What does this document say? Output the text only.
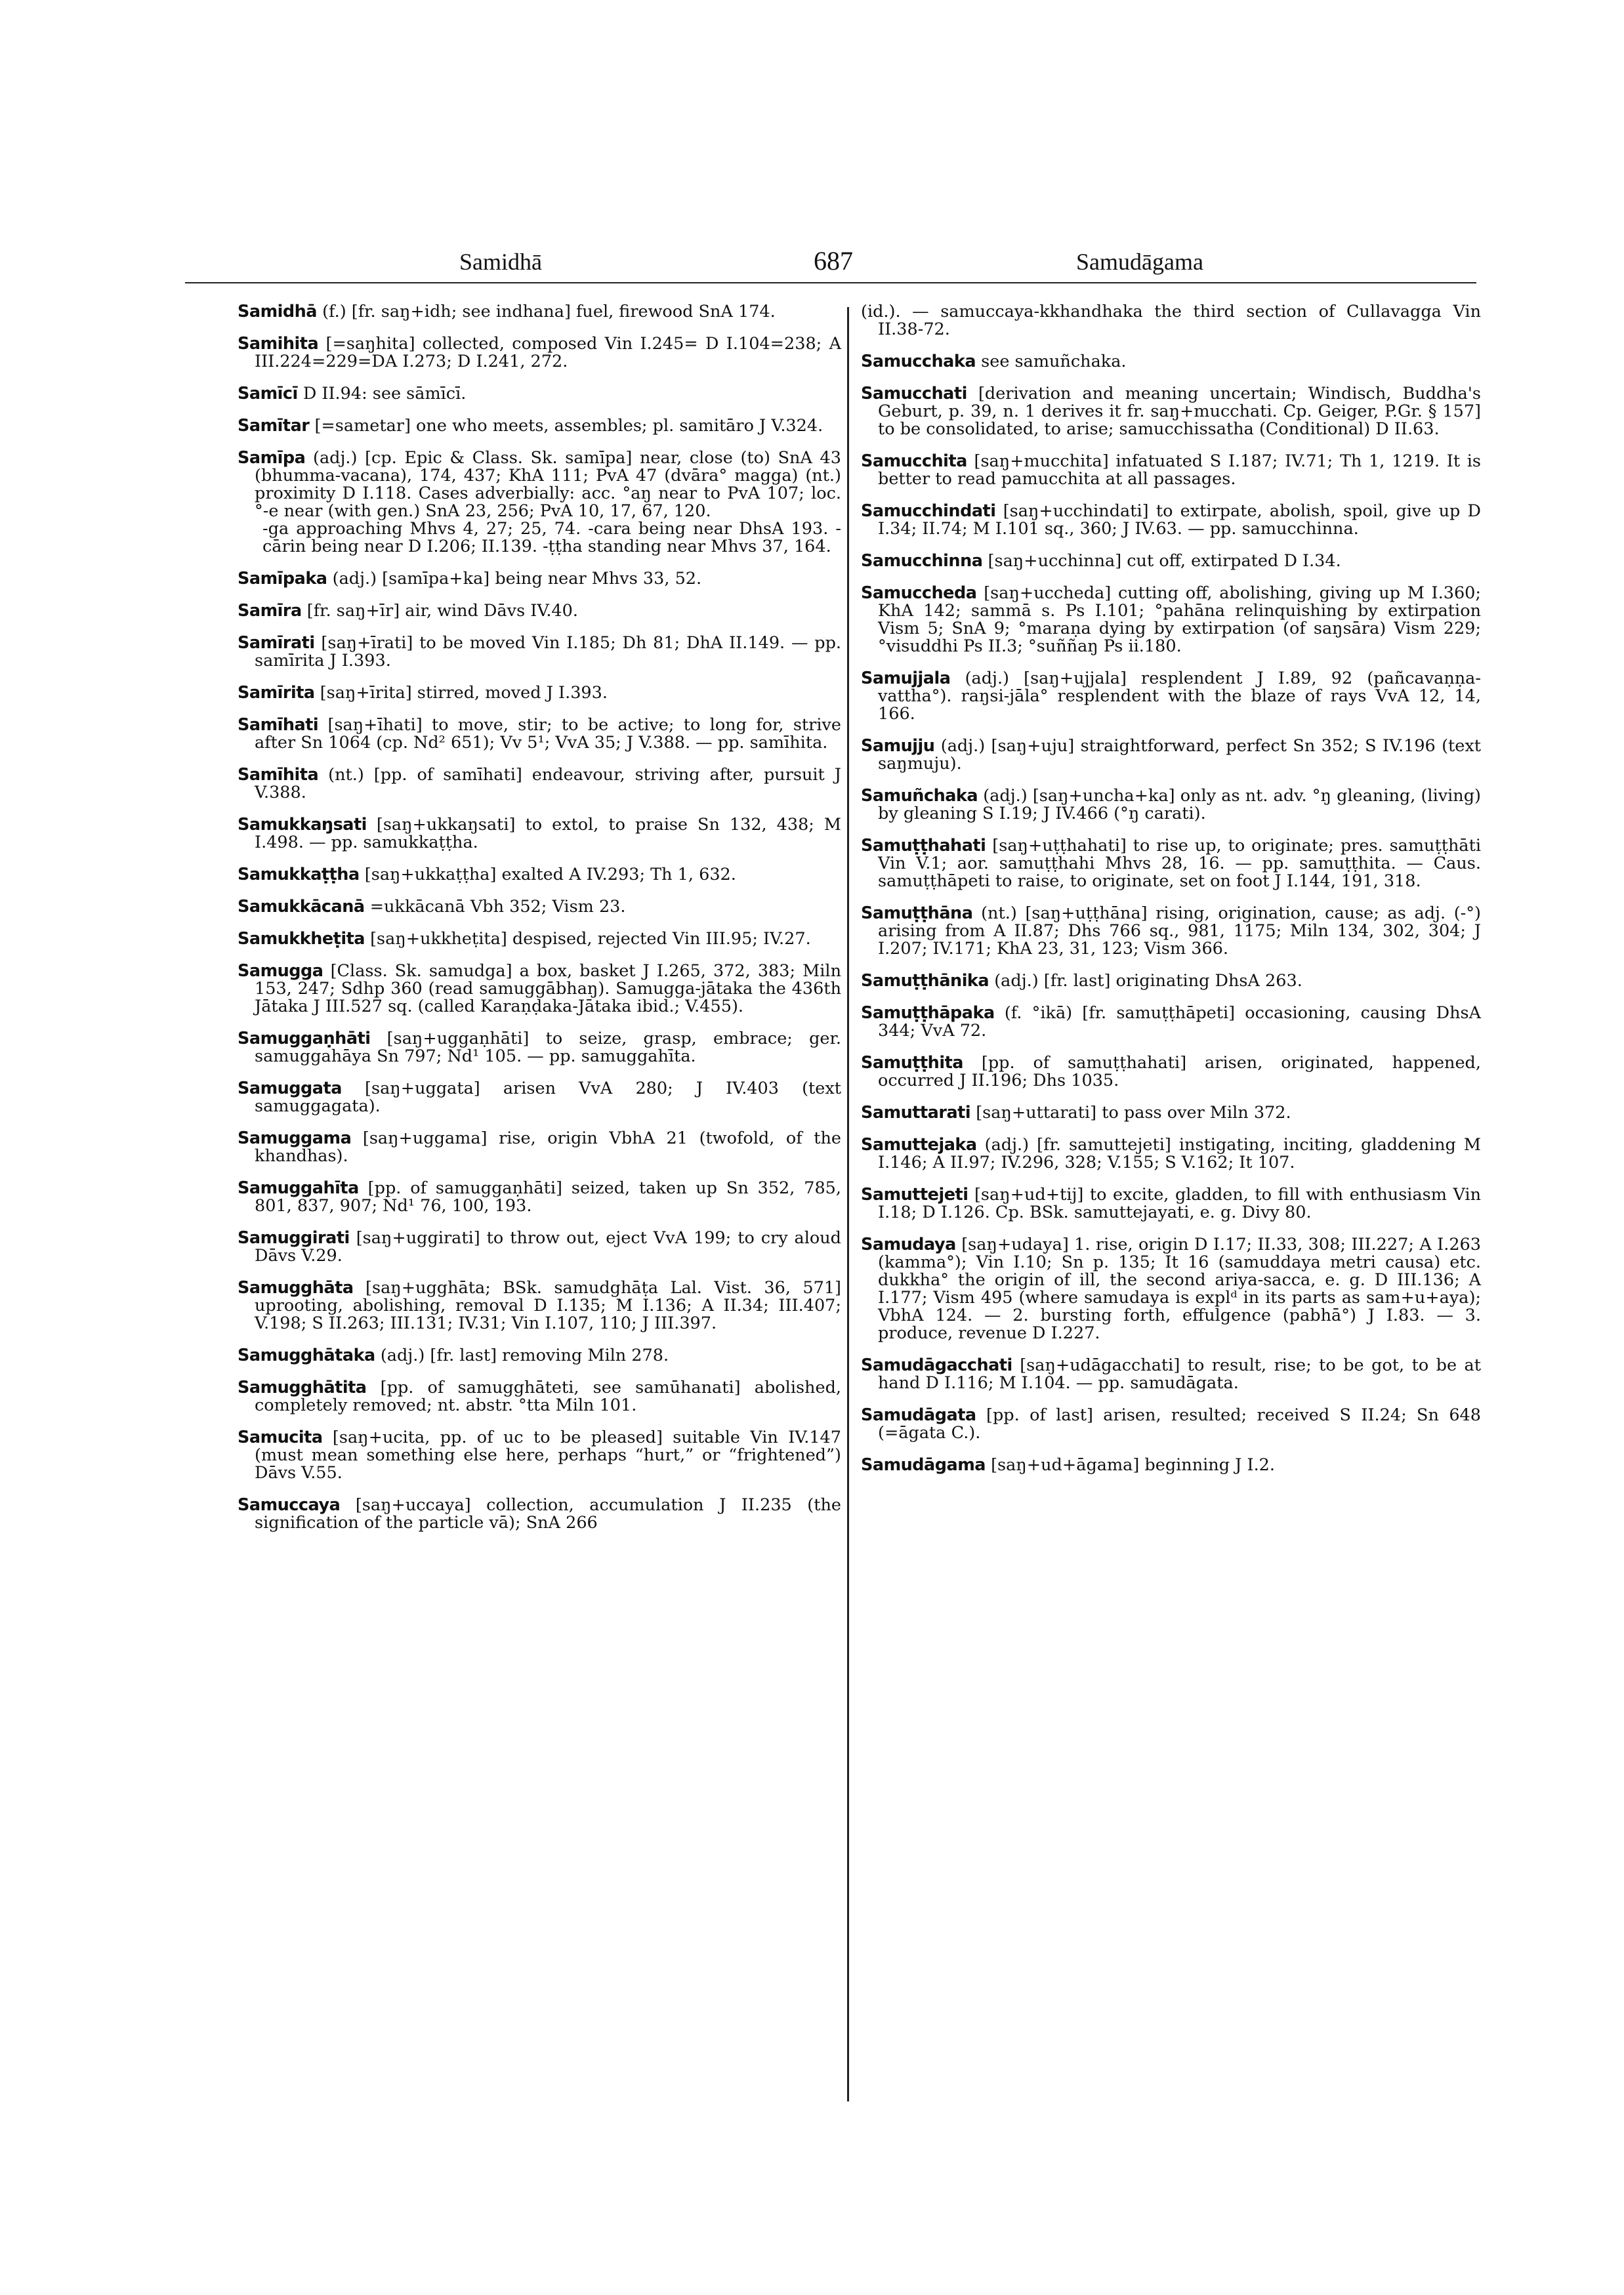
Samidhā	687	Samudāgama
Samidhā (f.) [fr. saŋ+idh; see indhana] fuel, firewood SnA 174.
Samihita [=saŋhita] collected, composed Vin I.245= D I.104=238; A III.224=229=DA I.273; D I.241, 272.
Samīcī D II.94: see sāmīcī.
Samītar [=sametar] one who meets, assembles; pl. samitāro J V.324.
Samīpa (adj.) [cp. Epic & Class. Sk. samīpa] near, close (to) SnA 43 (bhumma-vacana), 174, 437; KhA 111; PvA 47 (dvāra° magga) (nt.) proximity D I.118. Cases adverbially: acc. °aŋ near to PvA 107; loc. °-e near (with gen.) SnA 23, 256; PvA 10, 17, 67, 120.
-ga approaching Mhvs 4, 27; 25, 74. -cara being near DhsA 193. -cārin being near D I.206; II.139. -ṭṭha standing near Mhvs 37, 164.
Samīpaka (adj.) [samīpa+ka] being near Mhvs 33, 52.
Samīra [fr. saŋ+īr] air, wind Dāvs IV.40.
Samīrati [saŋ+īrati] to be moved Vin I.185; Dh 81; DhA II.149. — pp. samīrita J I.393.
Samīrita [saŋ+īrita] stirred, moved J I.393.
Samīhati [saŋ+īhati] to move, stir; to be active; to long for, strive after Sn 1064 (cp. Nd² 651); Vv 5¹; VvA 35; J V.388. — pp. samīhita.
Samīhita (nt.) [pp. of samīhati] endeavour, striving after, pursuit J V.388.
Samukkaŋsati [saŋ+ukkaŋsati] to extol, to praise Sn 132, 438; M I.498. — pp. samukkaṭṭha.
Samukkaṭṭha [saŋ+ukkaṭṭha] exalted A IV.293; Th 1, 632.
Samukkācanā =ukkācanā Vbh 352; Vism 23.
Samukkheṭita [saŋ+ukkheṭita] despised, rejected Vin III.95; IV.27.
Samugga [Class. Sk. samudga] a box, basket J I.265, 372, 383; Miln 153, 247; Sdhp 360 (read samuggābhaŋ). Samugga-jātaka the 436th Jātaka J III.527 sq. (called Karaṇḍaka-Jātaka ibid.; V.455).
Samuggaṇhāti [saŋ+uggaṇhāti] to seize, grasp, embrace; ger. samuggahāya Sn 797; Nd¹ 105. — pp. samuggahīta.
Samuggata [saŋ+uggata] arisen VvA 280; J IV.403 (text samuggagata).
Samuggama [saŋ+uggama] rise, origin VbhA 21 (twofold, of the khandhas).
Samuggahīta [pp. of samuggaṇhāti] seized, taken up Sn 352, 785, 801, 837, 907; Nd¹ 76, 100, 193.
Samuggirati [saŋ+uggirati] to throw out, eject VvA 199; to cry aloud Dāvs V.29.
Samugghāta [saŋ+ugghāta; BSk. samudghāṭa Lal. Vist. 36, 571] uprooting, abolishing, removal D I.135; M I.136; A II.34; III.407; V.198; S II.263; III.131; IV.31; Vin I.107, 110; J III.397.
Samugghātaka (adj.) [fr. last] removing Miln 278.
Samugghātita [pp. of samugghāteti, see samūhanati] abolished, completely removed; nt. abstr. °tta Miln 101.
Samucita [saŋ+ucita, pp. of uc to be pleased] suitable Vin IV.147 (must mean something else here, perhaps “hurt,” or “frightened”) Dāvs V.55.
Samuccaya [saŋ+uccaya] collection, accumulation J II.235 (the signification of the particle vā); SnA 266
(id.). — samuccaya-kkhandhaka the third section of Cullavagga Vin II.38-72.
Samucchaka see samuñchaka.
Samucchati [derivation and meaning uncertain; Windisch, Buddha's Geburt, p. 39, n. 1 derives it fr. saŋ+mucchati. Cp. Geiger, P.Gr. § 157] to be consolidated, to arise; samucchissatha (Conditional) D II.63.
Samucchita [saŋ+mucchita] infatuated S I.187; IV.71; Th 1, 1219. It is better to read pamucchita at all passages.
Samucchindati [saŋ+ucchindati] to extirpate, abolish, spoil, give up D I.34; II.74; M I.101 sq., 360; J IV.63. — pp. samucchinna.
Samucchinna [saŋ+ucchinna] cut off, extirpated D I.34.
Samuccheda [saŋ+uccheda] cutting off, abolishing, giving up M I.360; KhA 142; sammā s. Ps I.101; °pahāna relinquishing by extirpation Vism 5; SnA 9; °maraṇa dying by extirpation (of saŋsāra) Vism 229; °visuddhi Ps II.3; °suññaŋ Ps ii.180.
Samujjala (adj.) [saŋ+ujjala] resplendent J I.89, 92 (pañcavaṇṇa-vattha°). raŋsi-jāla° resplendent with the blaze of rays VvA 12, 14, 166.
Samujju (adj.) [saŋ+uju] straightforward, perfect Sn 352; S IV.196 (text saŋmuju).
Samuñchaka (adj.) [saŋ+uncha+ka] only as nt. adv. °ŋ gleaning, (living) by gleaning S I.19; J IV.466 (°ŋ carati).
Samuṭṭhahati [saŋ+uṭṭhahati] to rise up, to originate; pres. samuṭṭhāti Vin V.1; aor. samuṭṭhahi Mhvs 28, 16. — pp. samuṭṭhita. — Caus. samuṭṭhāpeti to raise, to originate, set on foot J I.144, 191, 318.
Samuṭṭhāna (nt.) [saŋ+uṭṭhāna] rising, origination, cause; as adj. (-°) arising from A II.87; Dhs 766 sq., 981, 1175; Miln 134, 302, 304; J I.207; IV.171; KhA 23, 31, 123; Vism 366.
Samuṭṭhānika (adj.) [fr. last] originating DhsA 263.
Samuṭṭhāpaka (f. °ikā) [fr. samuṭṭhāpeti] occasioning, causing DhsA 344; VvA 72.
Samuṭṭhita [pp. of samuṭṭhahati] arisen, originated, happened, occurred J II.196; Dhs 1035.
Samuttarati [saŋ+uttarati] to pass over Miln 372.
Samuttejaka (adj.) [fr. samuttejeti] instigating, inciting, gladdening M I.146; A II.97; IV.296, 328; V.155; S V.162; It 107.
Samuttejeti [saŋ+ud+tij] to excite, gladden, to fill with enthusiasm Vin I.18; D I.126. Cp. BSk. samuttejayati, e. g. Divy 80.
Samudaya [saŋ+udaya] 1. rise, origin D I.17; II.33, 308; III.227; A I.263 (kamma°); Vin I.10; Sn p. 135; It 16 (samuddaya metri causa) etc. dukkha° the origin of ill, the second ariya-sacca, e. g. D III.136; A I.177; Vism 495 (where samudaya is explᵈ in its parts as sam+u+aya); VbhA 124. — 2. bursting forth, effulgence (pabhā°) J I.83. — 3. produce, revenue D I.227.
Samudāgacchati [saŋ+udāgacchati] to result, rise; to be got, to be at hand D I.116; M I.104. — pp. samudāgata.
Samudāgata [pp. of last] arisen, resulted; received S II.24; Sn 648 (=āgata C.).
Samudāgama [saŋ+ud+āgama] beginning J I.2.
